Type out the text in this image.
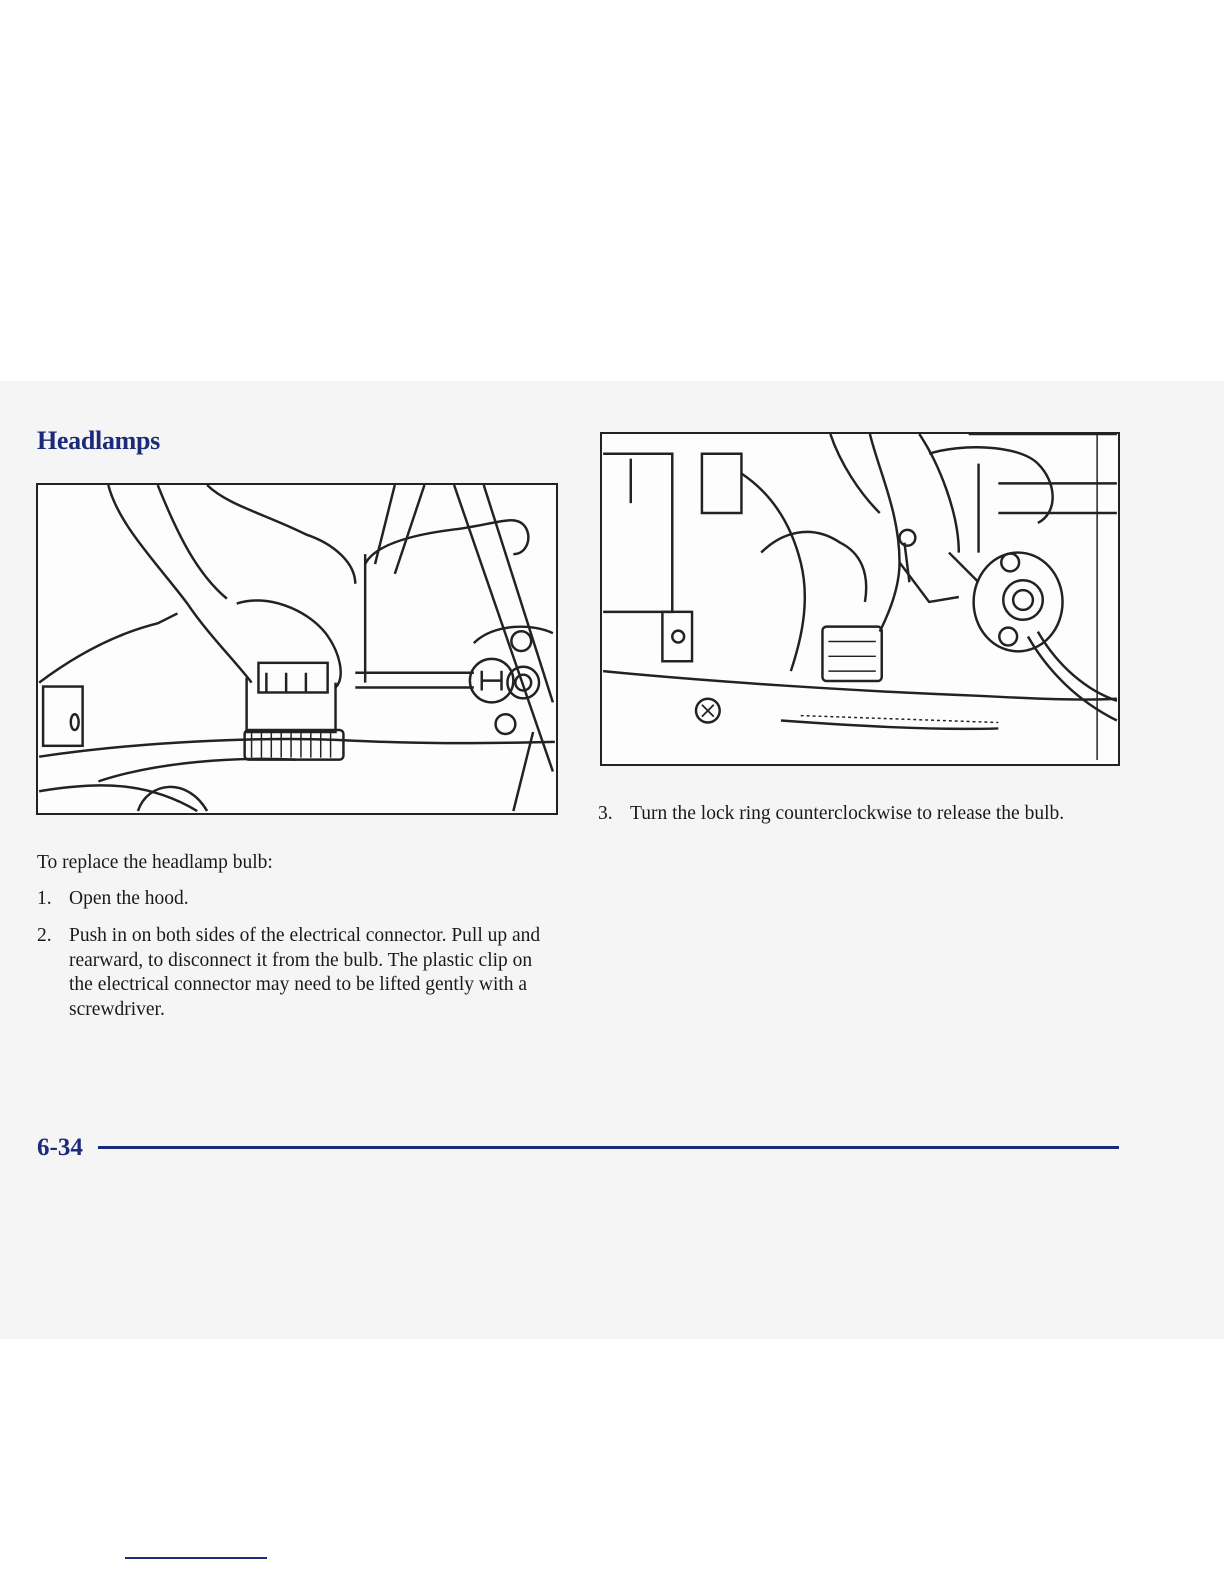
Headlamps
To replace the headlamp bulb:
1. Open the hood.
2. Push in on both sides of the electrical connector. Pull up and rearward, to disconnect it from the bulb. The plastic clip on the electrical connector may need to be lifted gently with a screwdriver.
3. Turn the lock ring counterclockwise to release the bulb.
6-34
